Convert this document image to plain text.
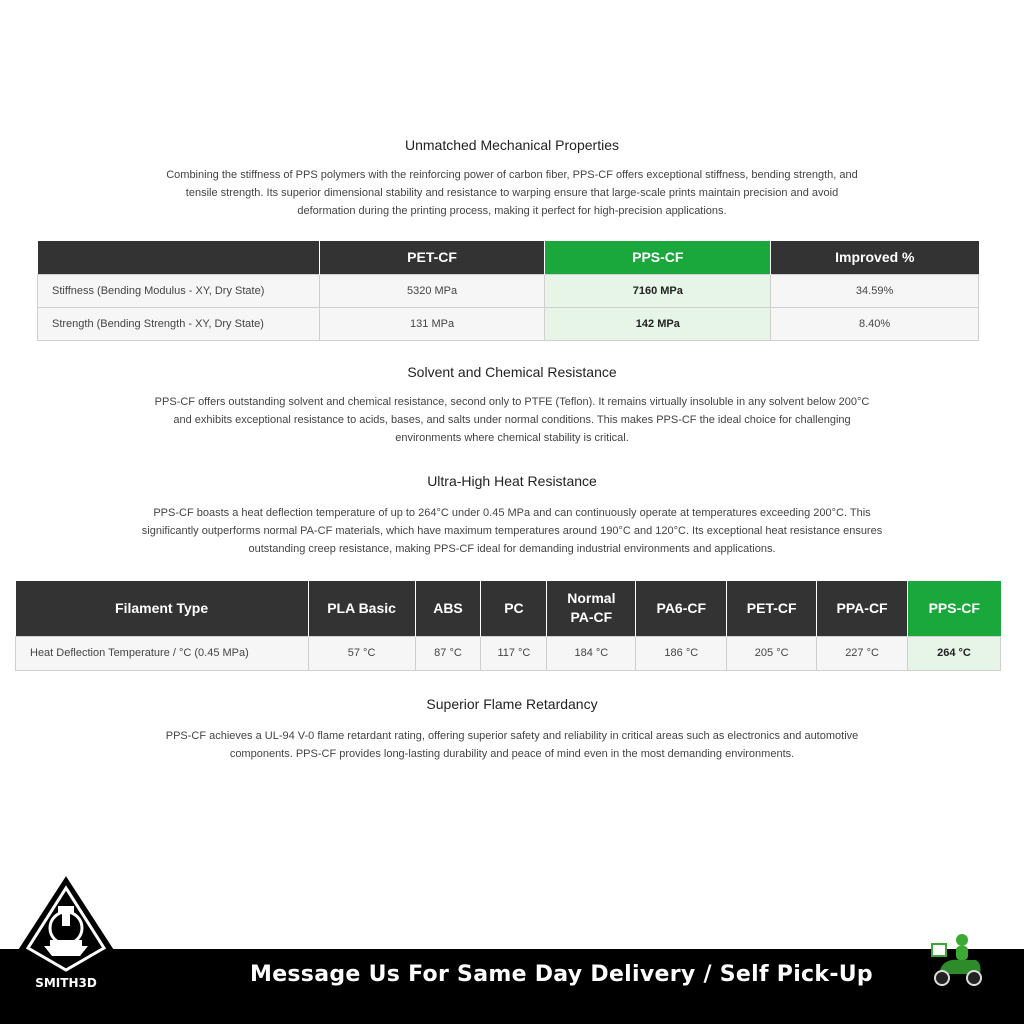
Unmatched Mechanical Properties
Combining the stiffness of PPS polymers with the reinforcing power of carbon fiber, PPS-CF offers exceptional stiffness, bending strength, and tensile strength. Its superior dimensional stability and resistance to warping ensure that large-scale prints maintain precision and avoid deformation during the printing process, making it perfect for high-precision applications.
	PET-CF	PPS-CF	Improved %
Stiffness (Bending Modulus - XY, Dry State)	5320 MPa	7160 MPa	34.59%
Strength (Bending Strength - XY, Dry State)	131 MPa	142 MPa	8.40%
Solvent and Chemical Resistance
PPS-CF offers outstanding solvent and chemical resistance, second only to PTFE (Teflon). It remains virtually insoluble in any solvent below 200°C and exhibits exceptional resistance to acids, bases, and salts under normal conditions. This makes PPS-CF the ideal choice for challenging environments where chemical stability is critical.
Ultra-High Heat Resistance
PPS-CF boasts a heat deflection temperature of up to 264°C under 0.45 MPa and can continuously operate at temperatures exceeding 200°C. This significantly outperforms normal PA-CF materials, which have maximum temperatures around 190°C and 120°C. Its exceptional heat resistance ensures outstanding creep resistance, making PPS-CF ideal for demanding industrial environments and applications.
Filament Type	PLA Basic	ABS	PC	Normal PA-CF	PA6-CF	PET-CF	PPA-CF	PPS-CF
Heat Deflection Temperature / °C (0.45 MPa)	57 °C	87 °C	117 °C	184 °C	186 °C	205 °C	227 °C	264 °C
Superior Flame Retardancy
PPS-CF achieves a UL-94 V-0 flame retardant rating, offering superior safety and reliability in critical areas such as electronics and automotive components. PPS-CF provides long-lasting durability and peace of mind even in the most demanding environments.
Message Us For Same Day Delivery / Self Pick-Up
SMITH3D
